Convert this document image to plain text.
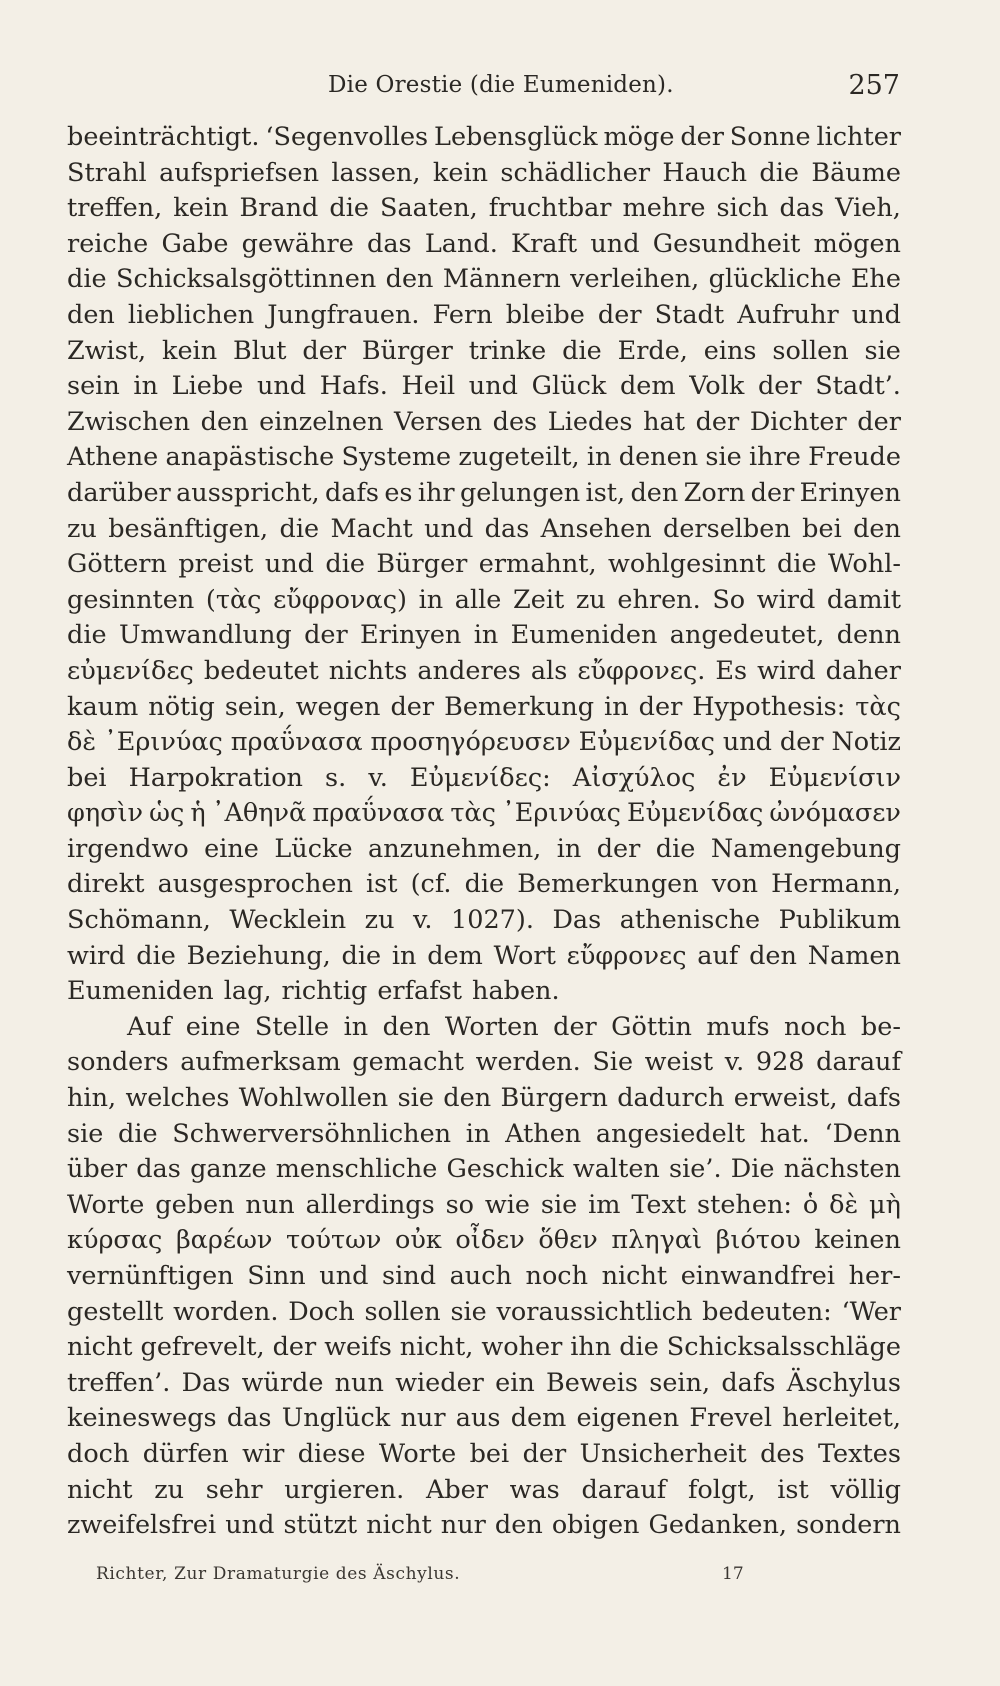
Die Orestie (die Eumeniden).	257
beeinträchtigt. ‘Segenvolles Lebensglück möge der Sonne lichter
Strahl aufspriefsen lassen, kein schädlicher Hauch die Bäume
treffen, kein Brand die Saaten, fruchtbar mehre sich das Vieh,
reiche Gabe gewähre das Land. Kraft und Gesundheit mögen
die Schicksalsgöttinnen den Männern verleihen, glückliche Ehe
den lieblichen Jungfrauen. Fern bleibe der Stadt Aufruhr und
Zwist, kein Blut der Bürger trinke die Erde, eins sollen sie
sein in Liebe und Hafs. Heil und Glück dem Volk der Stadt’.
Zwischen den einzelnen Versen des Liedes hat der Dichter der
Athene anapästische Systeme zugeteilt, in denen sie ihre Freude
darüber ausspricht, dafs es ihr gelungen ist, den Zorn der Erinyen
zu besänftigen, die Macht und das Ansehen derselben bei den
Göttern preist und die Bürger ermahnt, wohlgesinnt die Wohl-
gesinnten (τὰς εὔφρονας) in alle Zeit zu ehren. So wird damit
die Umwandlung der Erinyen in Eumeniden angedeutet, denn
εὐμενίδες bedeutet nichts anderes als εὔφρονες. Es wird daher
kaum nötig sein, wegen der Bemerkung in der Hypothesis: τὰς
δὲ ᾿Ερινύας πραΰνασα προσηγόρευσεν Εὐμενίδας und der Notiz
bei Harpokration s. v. Εὐμενίδες: Αἰσχύλος ἐν Εὐμενίσιν
φησὶν ὡς ἡ ᾿Αθηνᾶ πραΰνασα τὰς ᾿Ερινύας Εὐμενίδας ὠνόμασεν
irgendwo eine Lücke anzunehmen, in der die Namengebung
direkt ausgesprochen ist (cf. die Bemerkungen von Hermann,
Schömann, Wecklein zu v. 1027). Das athenische Publikum
wird die Beziehung, die in dem Wort εὔφρονες auf den Namen
Eumeniden lag, richtig erfafst haben.
Auf eine Stelle in den Worten der Göttin mufs noch be-
sonders aufmerksam gemacht werden. Sie weist v. 928 darauf
hin, welches Wohlwollen sie den Bürgern dadurch erweist, dafs
sie die Schwerversöhnlichen in Athen angesiedelt hat. ‘Denn
über das ganze menschliche Geschick walten sie’. Die nächsten
Worte geben nun allerdings so wie sie im Text stehen: ὁ δὲ μὴ
κύρσας βαρέων τούτων οὐκ οἶδεν ὅθεν πληγαὶ βιότου keinen
vernünftigen Sinn und sind auch noch nicht einwandfrei her-
gestellt worden. Doch sollen sie voraussichtlich bedeuten: ‘Wer
nicht gefrevelt, der weifs nicht, woher ihn die Schicksalsschläge
treffen’. Das würde nun wieder ein Beweis sein, dafs Äschylus
keineswegs das Unglück nur aus dem eigenen Frevel herleitet,
doch dürfen wir diese Worte bei der Unsicherheit des Textes
nicht zu sehr urgieren. Aber was darauf folgt, ist völlig
zweifelsfrei und stützt nicht nur den obigen Gedanken, sondern
Richter, Zur Dramaturgie des Äschylus.	17
